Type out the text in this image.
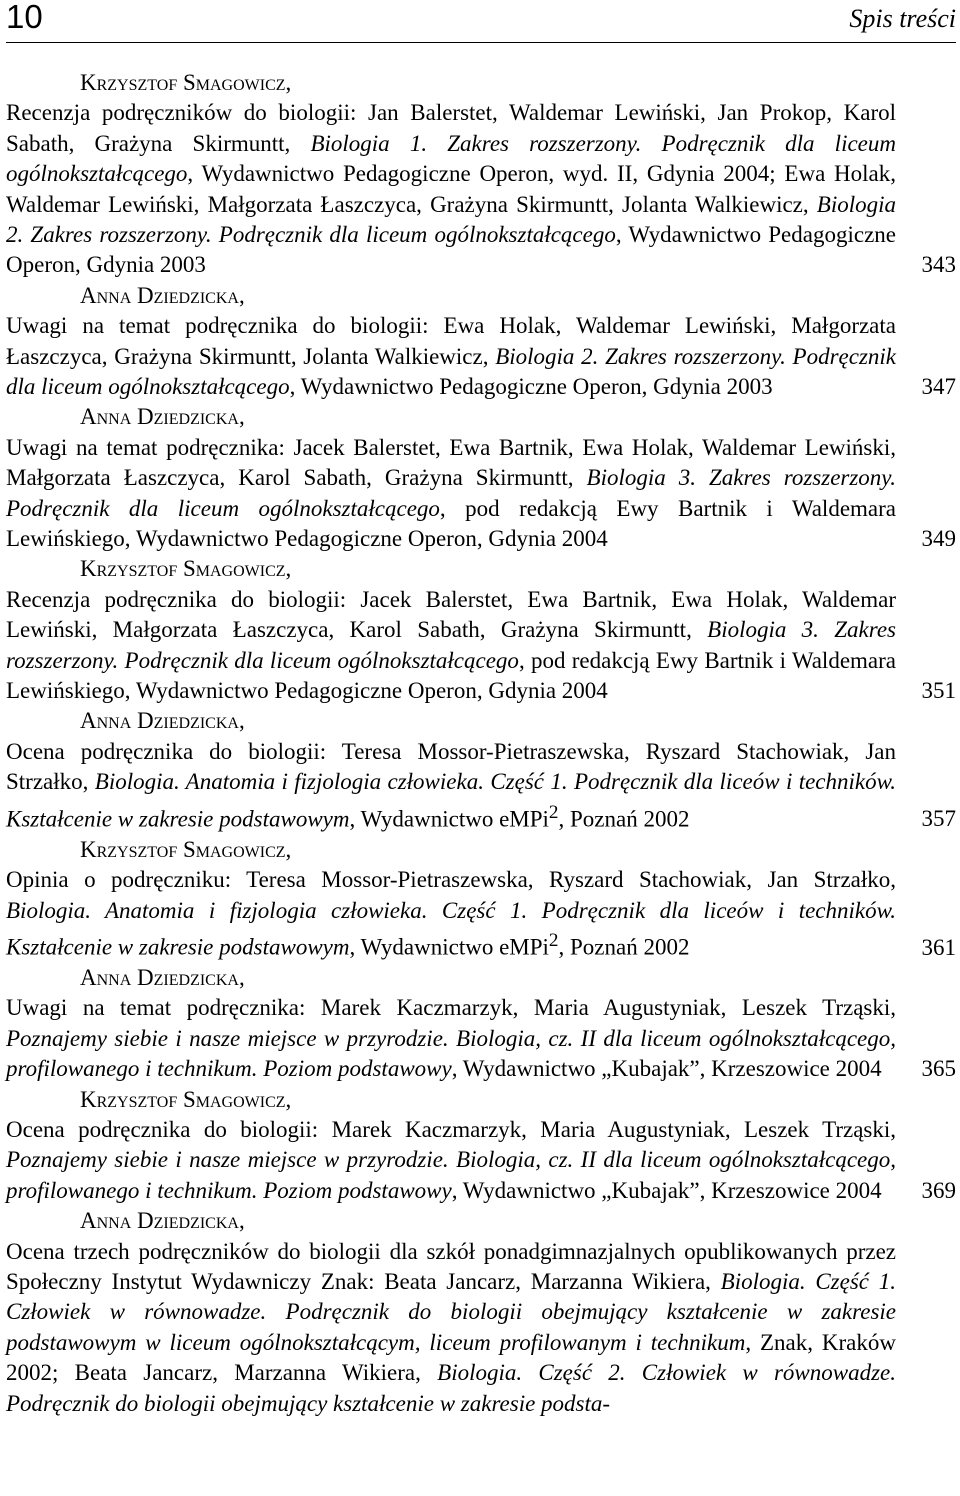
10	Spis treści
Krzysztof Smagowicz,
Recenzja podręczników do biologii: Jan Balerstet, Waldemar Lewiński, Jan Prokop, Karol Sabath, Grażyna Skirmuntt, Biologia 1. Zakres rozszerzony. Podręcznik dla liceum ogólnokształcącego, Wydawnictwo Pedagogiczne Operon, wyd. II, Gdynia 2004; Ewa Holak, Waldemar Lewiński, Małgorzata Łaszczyca, Grażyna Skirmuntt, Jolanta Walkiewicz, Biologia 2. Zakres rozszerzony. Podręcznik dla liceum ogólnokształcącego, Wydawnictwo Pedagogiczne Operon, Gdynia 2003	343
Anna Dziedzicka,
Uwagi na temat podręcznika do biologii: Ewa Holak, Waldemar Lewiński, Małgorzata Łaszczyca, Grażyna Skirmuntt, Jolanta Walkiewicz, Biologia 2. Zakres rozszerzony. Podręcznik dla liceum ogólnokształcącego, Wydawnictwo Pedagogiczne Operon, Gdynia 2003	347
Anna Dziedzicka,
Uwagi na temat podręcznika: Jacek Balerstet, Ewa Bartnik, Ewa Holak, Waldemar Lewiński, Małgorzata Łaszczyca, Karol Sabath, Grażyna Skirmuntt, Biologia 3. Zakres rozszerzony. Podręcznik dla liceum ogólnokształcącego, pod redakcją Ewy Bartnik i Waldemara Lewińskiego, Wydawnictwo Pedagogiczne Operon, Gdynia 2004	349
Krzysztof Smagowicz,
Recenzja podręcznika do biologii: Jacek Balerstet, Ewa Bartnik, Ewa Holak, Waldemar Lewiński, Małgorzata Łaszczyca, Karol Sabath, Grażyna Skirmuntt, Biologia 3. Zakres rozszerzony. Podręcznik dla liceum ogólnokształcącego, pod redakcją Ewy Bartnik i Waldemara Lewińskiego, Wydawnictwo Pedagogiczne Operon, Gdynia 2004	351
Anna Dziedzicka,
Ocena podręcznika do biologii: Teresa Mossor-Pietraszewska, Ryszard Stachowiak, Jan Strzałko, Biologia. Anatomia i fizjologia człowieka. Część 1. Podręcznik dla liceów i techników. Kształcenie w zakresie podstawowym, Wydawnictwo eMPi$^2$, Poznań 2002	357
Krzysztof Smagowicz,
Opinia o podręczniku: Teresa Mossor-Pietraszewska, Ryszard Stachowiak, Jan Strzałko, Biologia. Anatomia i fizjologia człowieka. Część 1. Podręcznik dla liceów i techników. Kształcenie w zakresie podstawowym, Wydawnictwo eMPi$^2$, Poznań 2002	361
Anna Dziedzicka,
Uwagi na temat podręcznika: Marek Kaczmarzyk, Maria Augustyniak, Leszek Trząski, Poznajemy siebie i nasze miejsce w przyrodzie. Biologia, cz. II dla liceum ogólnokształcącego, profilowanego i technikum. Poziom podstawowy, Wydawnictwo „Kubajak”, Krzeszowice 2004 365
Krzysztof Smagowicz,
Ocena podręcznika do biologii: Marek Kaczmarzyk, Maria Augustyniak, Leszek Trząski, Poznajemy siebie i nasze miejsce w przyrodzie. Biologia, cz. II dla liceum ogólnokształcącego, profilowanego i technikum. Poziom podstawowy, Wydawnictwo „Kubajak”, Krzeszowice 2004 369
Anna Dziedzicka,
Ocena trzech podręczników do biologii dla szkół ponadgimnazjalnych opublikowanych przez Społeczny Instytut Wydawniczy Znak: Beata Jancarz, Marzanna Wikiera, Biologia. Część 1. Człowiek w równowadze. Podręcznik do biologii obejmujący kształcenie w zakresie podstawowym w liceum ogólnokształcącym, liceum profilowanym i technikum, Znak, Kraków 2002; Beata Jancarz, Marzanna Wikiera, Biologia. Część 2. Człowiek w równowadze. Podręcznik do biologii obejmujący kształcenie w zakresie podsta-
